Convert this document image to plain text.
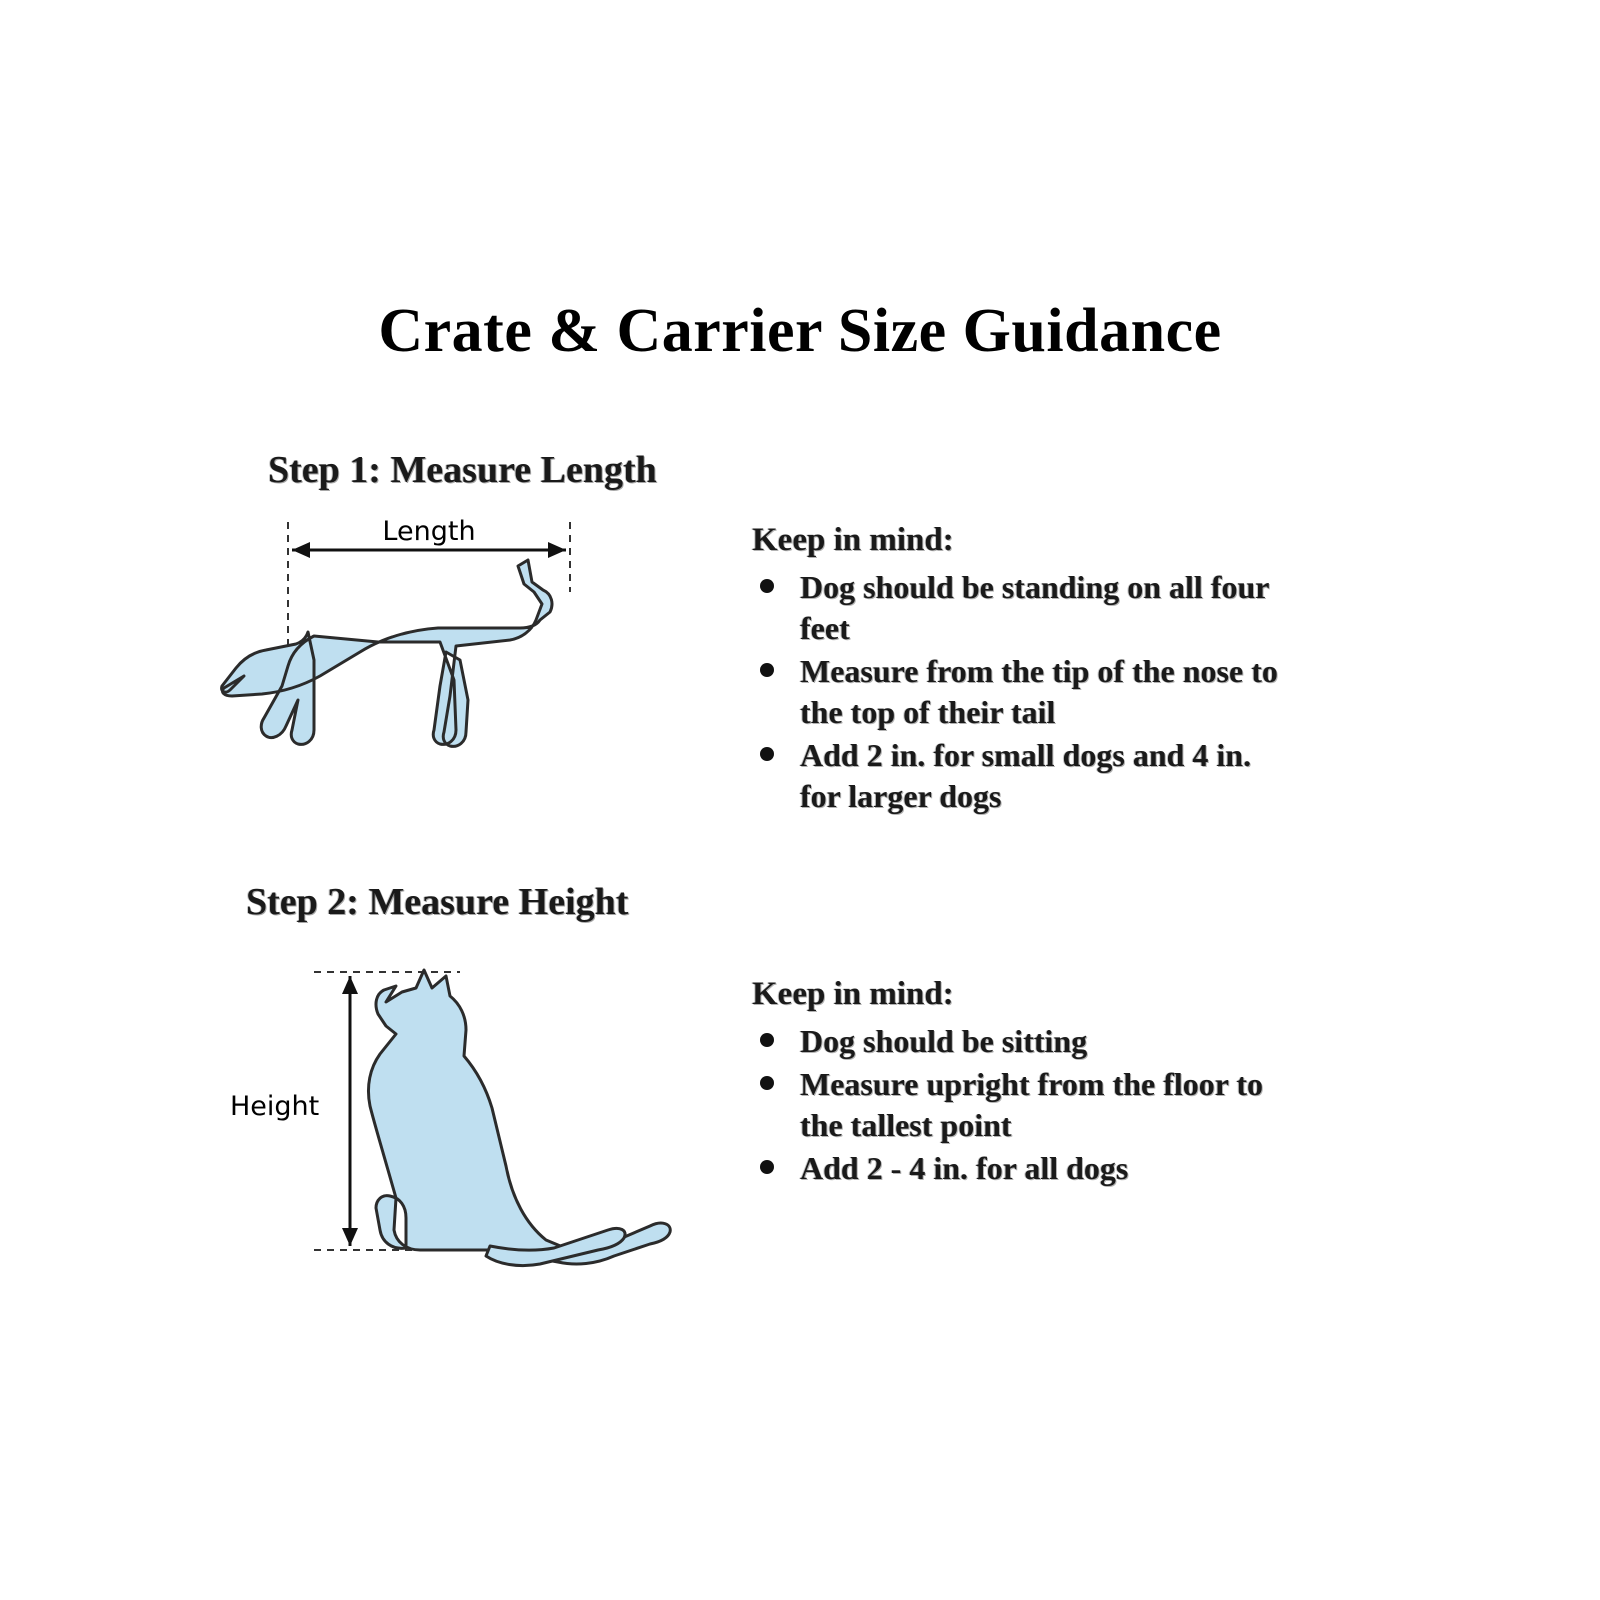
Crate & Carrier Size Guidance
Step 1: Measure Length
Length	Keep in mind:
Dog should be standing on all four feet
Measure from the tip of the nose to the top of their tail
Add 2 in. for small dogs and 4 in. for larger dogs
Step 2: Measure Height
Height
Keep in mind:
Dog should be sitting
Measure upright from the floor to the tallest point
Add 2 - 4 in. for all dogs
